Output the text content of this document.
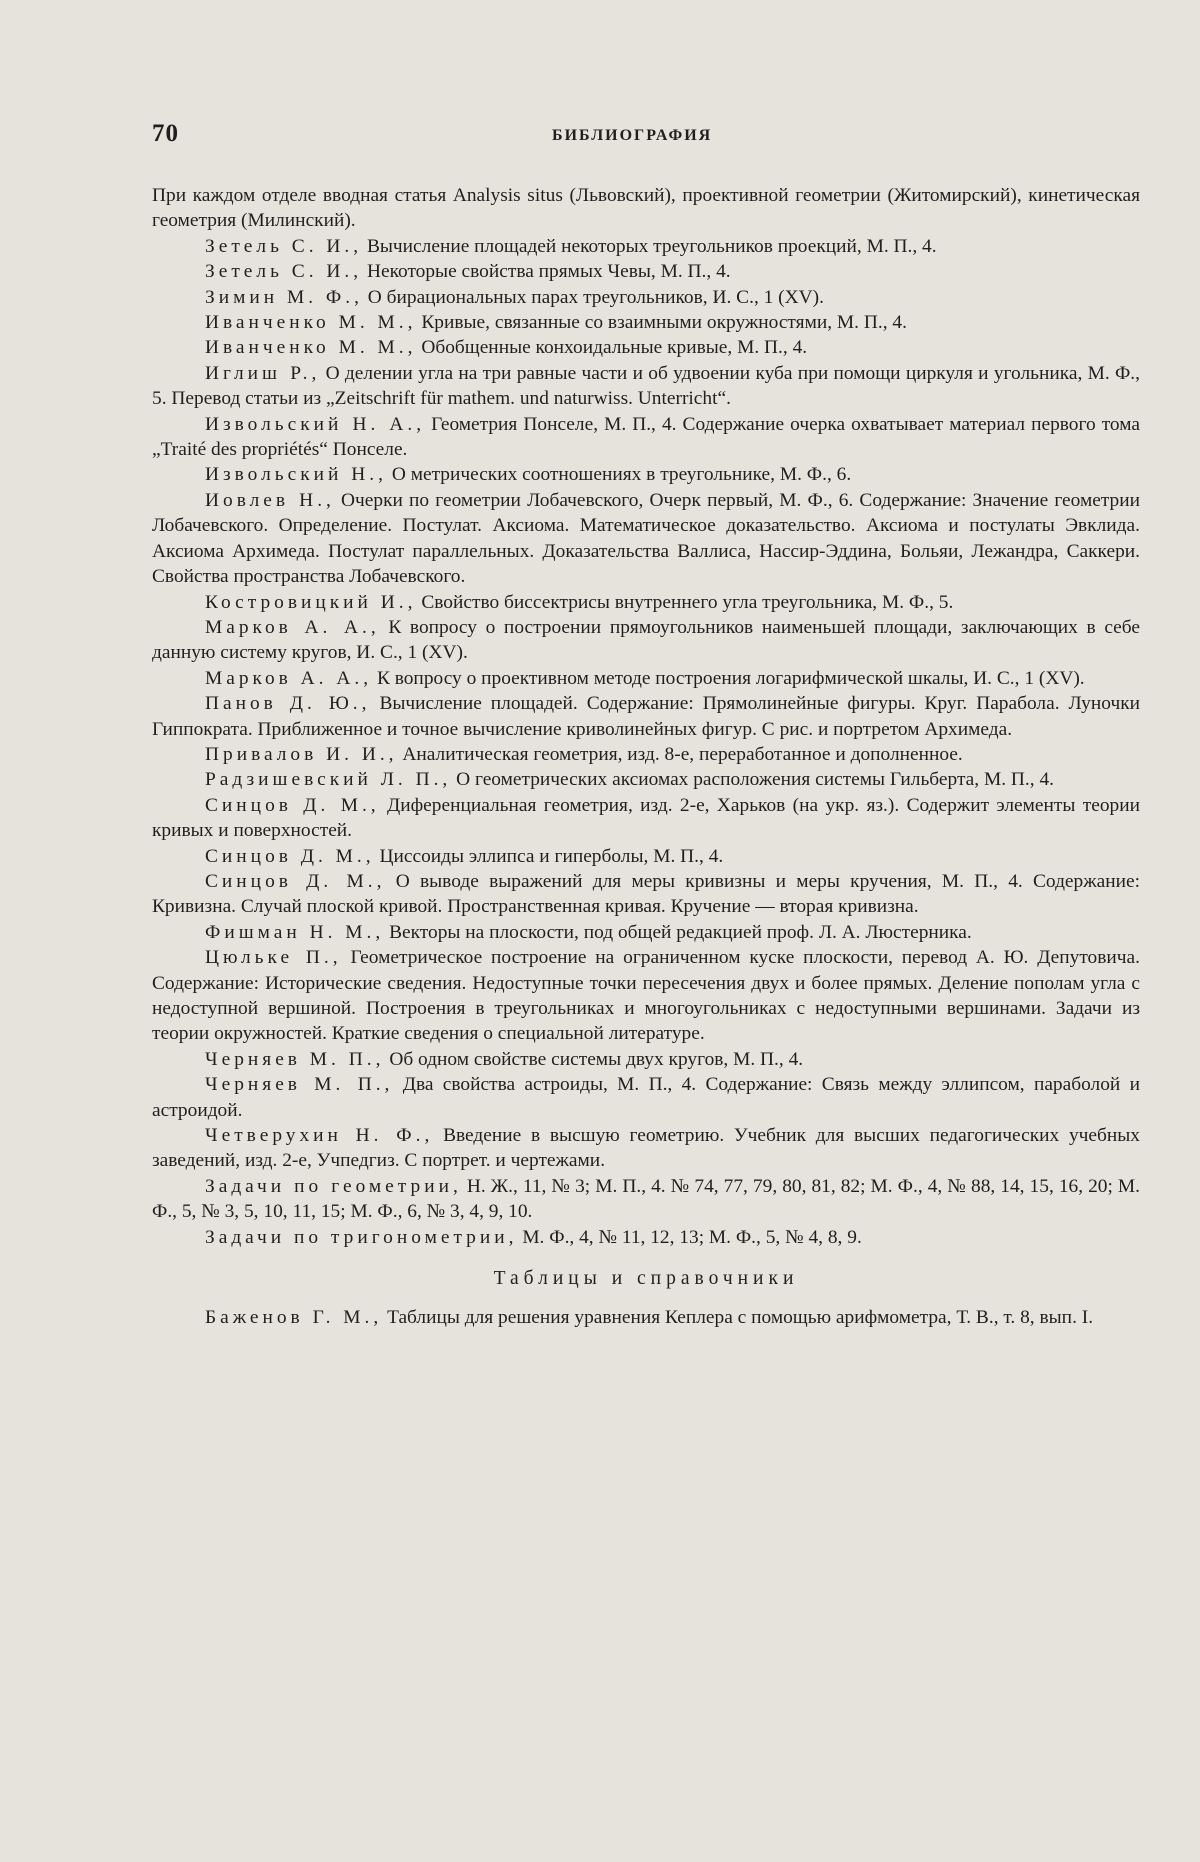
70	БИБЛИОГРАФИЯ

При каждом отделе вводная статья Analysis situs (Львовский), проективной геометрии (Житомирский), кинетическая геометрия (Милинский).

Зетель С. И., Вычисление площадей некоторых треугольников проекций, М. П., 4.

Зетель С. И., Некоторые свойства прямых Чевы, М. П., 4.

Зимин М. Ф., О бирациональных парах треугольников, И. С., 1 (XV).

Иванченко М. М., Кривые, связанные со взаимными окружностями, М. П., 4.

Иванченко М. М., Обобщенные конхоидальные кривые, М. П., 4.

Иглиш Р., О делении угла на три равные части и об удвоении куба при помощи циркуля и угольника, М. Ф., 5. Перевод статьи из „Zeitschrift für mathem. und naturwiss. Unterricht“.

Извольский Н. А., Геометрия Понселе, М. П., 4. Содержание очерка охватывает материал первого тома „Traité des propriétés“ Понселе.

Извольский Н., О метрических соотношениях в треугольнике, М. Ф., 6.

Иовлев Н., Очерки по геометрии Лобачевского, Очерк первый, М. Ф., 6. Содержание: Значение геометрии Лобачевского. Определение. Постулат. Аксиома. Математическое доказательство. Аксиома и постулаты Эвклида. Аксиома Архимеда. Постулат параллельных. Доказательства Валлиса, Нассир-Эддина, Больяи, Лежандра, Саккери. Свойства пространства Лобачевского.

Костровицкий И., Свойство биссектрисы внутреннего угла треугольника, М. Ф., 5.

Марков А. А., К вопросу о построении прямоугольников наименьшей площади, заключающих в себе данную систему кругов, И. С., 1 (XV).

Марков А. А., К вопросу о проективном методе построения логарифмической шкалы, И. С., 1 (XV).

Панов Д. Ю., Вычисление площадей. Содержание: Прямолинейные фигуры. Круг. Парабола. Луночки Гиппократа. Приближенное и точное вычисление криволинейных фигур. С рис. и портретом Архимеда.

Привалов И. И., Аналитическая геометрия, изд. 8-е, переработанное и дополненное.

Радзишевский Л. П., О геометрических аксиомах расположения системы Гильберта, М. П., 4.

Синцов Д. М., Диференциальная геометрия, изд. 2-е, Харьков (на укр. яз.). Содержит элементы теории кривых и поверхностей.

Синцов Д. М., Циссоиды эллипса и гиперболы, М. П., 4.

Синцов Д. М., О выводе выражений для меры кривизны и меры кручения, М. П., 4. Содержание: Кривизна. Случай плоской кривой. Пространственная кривая. Кручение — вторая кривизна.

Фишман Н. М., Векторы на плоскости, под общей редакцией проф. Л. А. Люстерника.

Цюльке П., Геометрическое построение на ограниченном куске плоскости, перевод А. Ю. Депутовича. Содержание: Исторические сведения. Недоступные точки пересечения двух и более прямых. Деление пополам угла с недоступной вершиной. Построения в треугольниках и многоугольниках с недоступными вершинами. Задачи из теории окружностей. Краткие сведения о специальной литературе.

Черняев М. П., Об одном свойстве системы двух кругов, М. П., 4.

Черняев М. П., Два свойства астроиды, М. П., 4. Содержание: Связь между эллипсом, параболой и астроидой.

Четверухин Н. Ф., Введение в высшую геометрию. Учебник для высших педагогических учебных заведений, изд. 2-е, Учпедгиз. С портрет. и чертежами.

Задачи по геометрии, Н. Ж., 11, № 3; М. П., 4. № 74, 77, 79, 80, 81, 82; М. Ф., 4, № 88, 14, 15, 16, 20; М. Ф., 5, № 3, 5, 10, 11, 15; М. Ф., 6, № 3, 4, 9, 10.

Задачи по тригонометрии, М. Ф., 4, № 11, 12, 13; М. Ф., 5, № 4, 8, 9.

Таблицы и справочники

Баженов Г. М., Таблицы для решения уравнения Кеплера с помощью арифмометра, Т. В., т. 8, вып. I.
